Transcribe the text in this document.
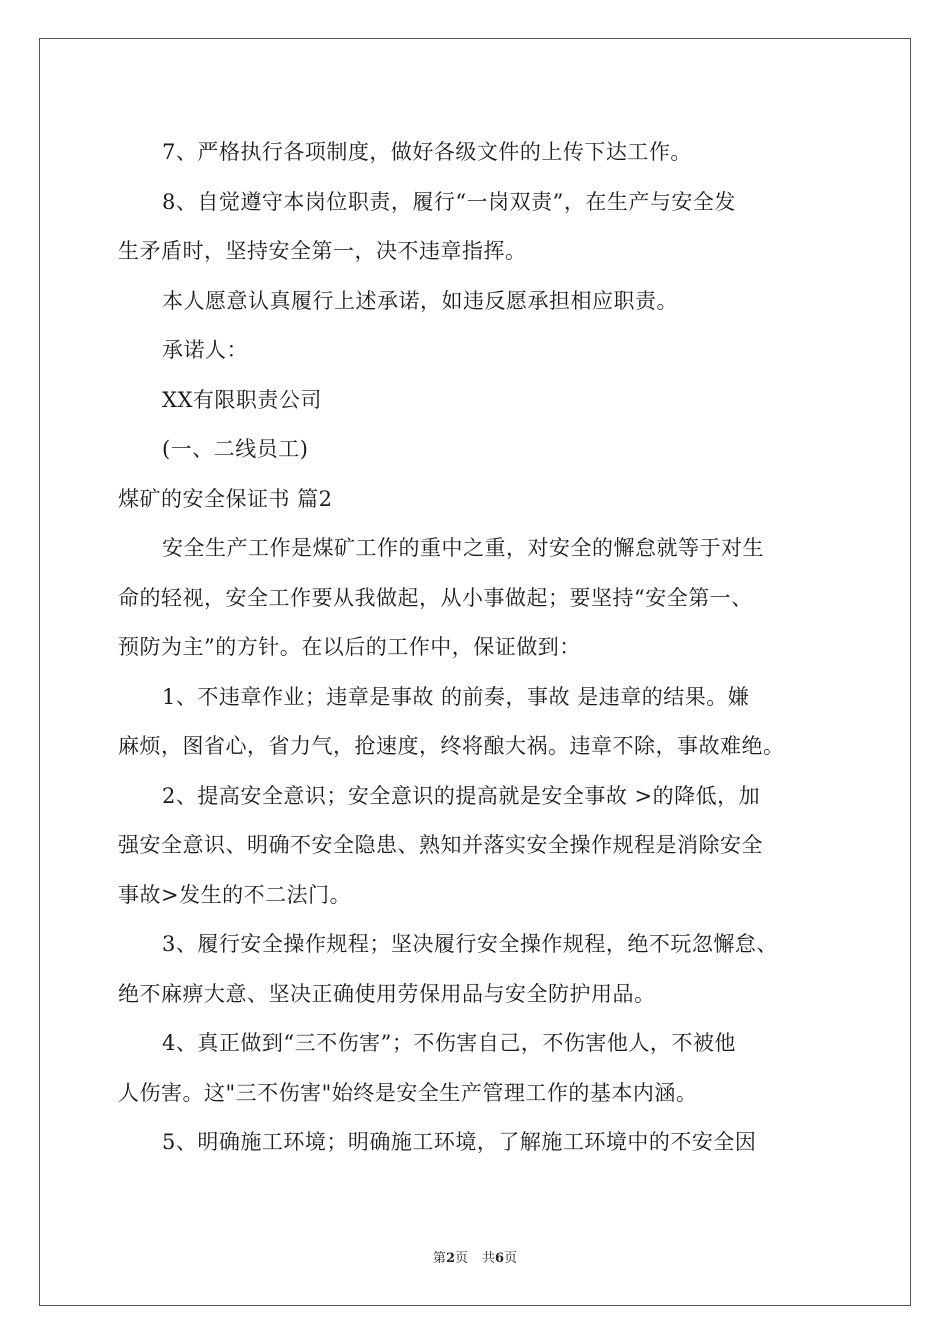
7、严格执行各项制度，做好各级文件的上传下达工作。
8、自觉遵守本岗位职责，履行“一岗双责”，在生产与安全发
生矛盾时，坚持安全第一，决不违章指挥。
本人愿意认真履行上述承诺，如违反愿承担相应职责。
承诺人：
XX有限职责公司
(一、二线员工)
煤矿的安全保证书 篇2
安全生产工作是煤矿工作的重中之重，对安全的懈怠就等于对生
命的轻视，安全工作要从我做起，从小事做起；要坚持“安全第一、
预防为主”的方针。在以后的工作中，保证做到：
1、不违章作业；违章是事故 的前奏，事故 是违章的结果。嫌
麻烦，图省心，省力气，抢速度，终将酿大祸。违章不除，事故难绝。
2、提高安全意识；安全意识的提高就是安全事故 >的降低，加
强安全意识、明确不安全隐患、熟知并落实安全操作规程是消除安全
事故>发生的不二法门。
3、履行安全操作规程；坚决履行安全操作规程，绝不玩忽懈怠、
绝不麻痹大意、坚决正确使用劳保用品与安全防护用品。
4、真正做到“三不伤害”；不伤害自己，不伤害他人，不被他
人伤害。这"三不伤害"始终是安全生产管理工作的基本内涵。
5、明确施工环境；明确施工环境，了解施工环境中的不安全因
第2页 共6页
